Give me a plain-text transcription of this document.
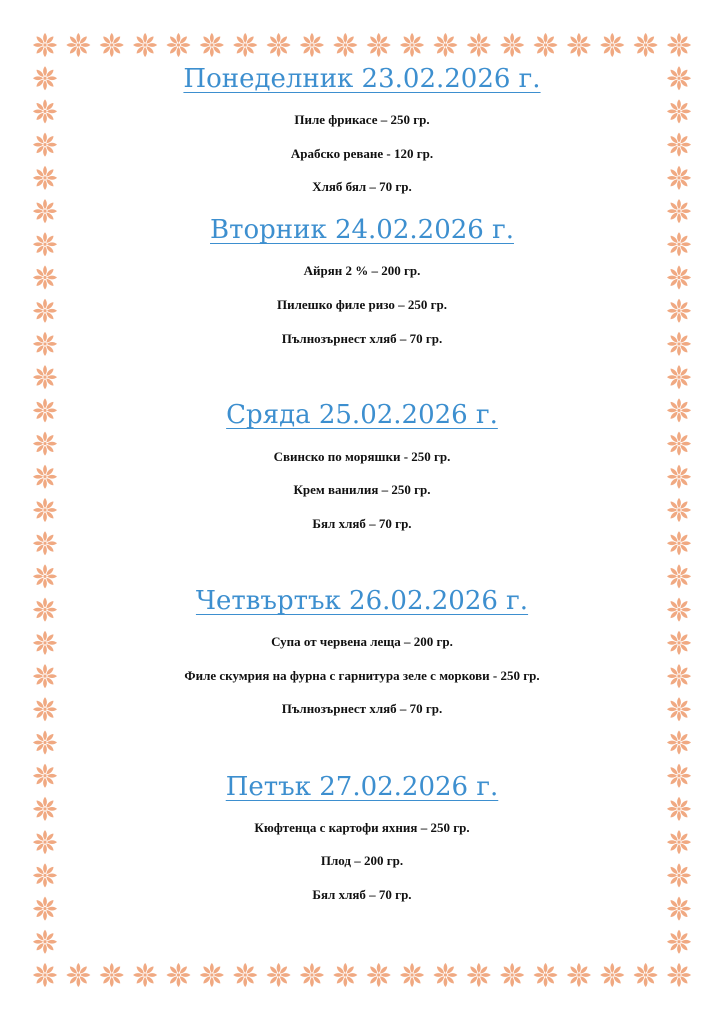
Понеделник 23.02.2026 г.
Пиле фрикасе – 250 гр.
Арабско реване - 120 гр.
Хляб бял – 70 гр.
Вторник 24.02.2026 г.
Айрян 2 % – 200 гр.
Пилешко филе ризо – 250 гр.
Пълнозърнест хляб – 70 гр.
Сряда 25.02.2026 г.
Свинско по моряшки - 250 гр.
Крем ванилия – 250 гр.
Бял хляб – 70 гр.
Четвъртък 26.02.2026 г.
Супа от червена леща – 200 гр.
Филе скумрия на фурна с гарнитура зеле с моркови - 250 гр.
Пълнозърнест хляб – 70 гр.
Петък 27.02.2026 г.
Кюфтенца с картофи яхния – 250 гр.
Плод – 200 гр.
Бял хляб – 70 гр.
